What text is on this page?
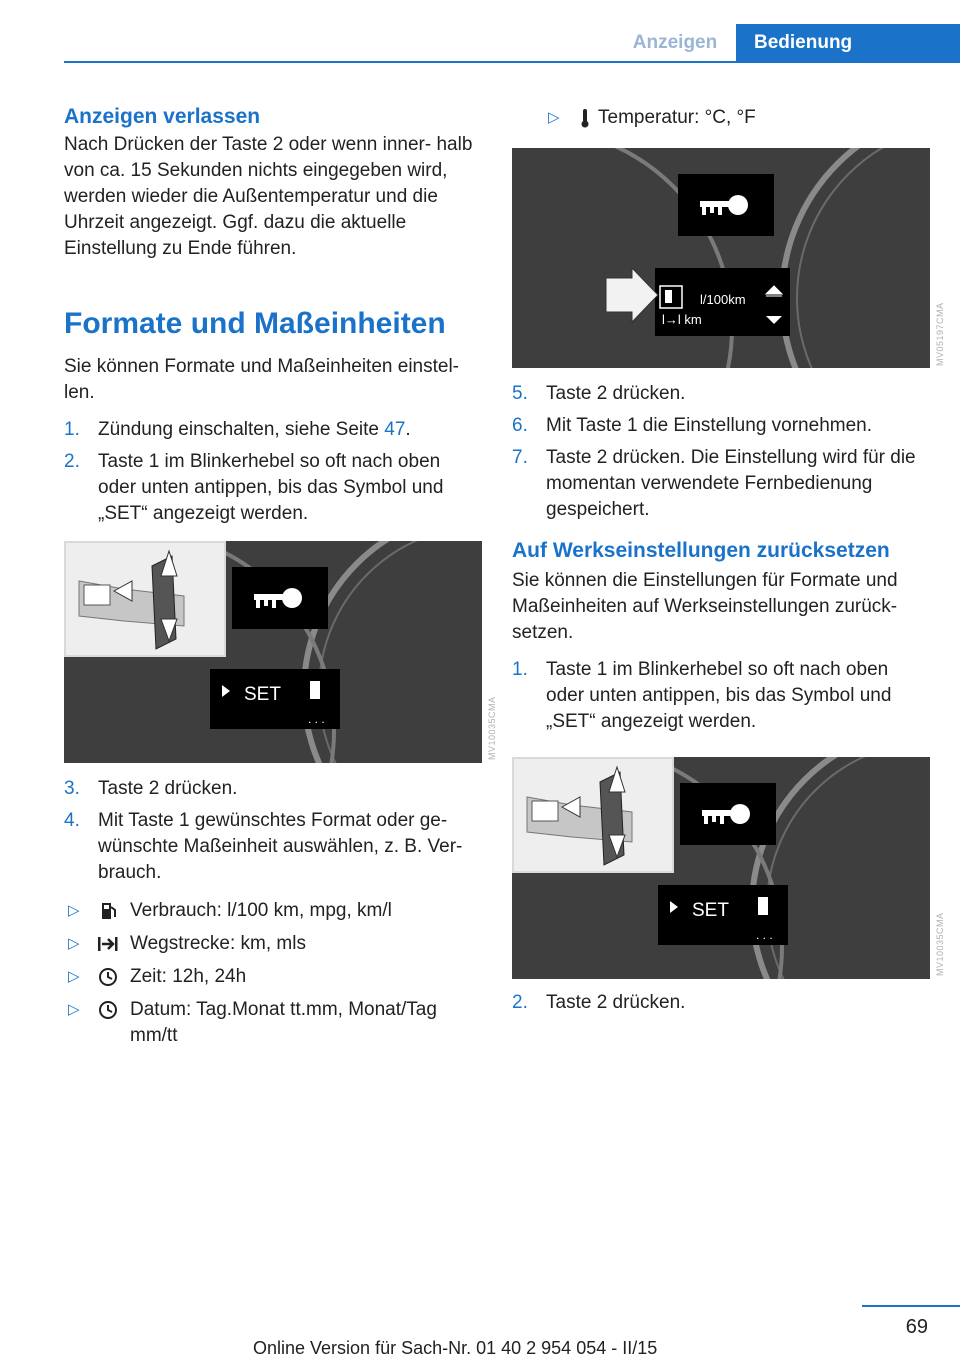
Anzeigen	Bedienung

Anzeigen verlassen

Nach Drücken der Taste 2 oder wenn inner- halb von ca. 15 Sekunden nichts eingegeben wird, werden wieder die Außentemperatur und die Uhrzeit angezeigt. Ggf. dazu die aktuelle Einstellung zu Ende führen.

Formate und Maßeinheiten

Sie können Formate und Maßeinheiten einstel- len.

1. Zündung einschalten, siehe Seite 47.
2. Taste 1 im Blinkerhebel so oft nach oben oder unten antippen, bis das Symbol und „SET“ angezeigt werden.
SET
. . .	MV10035CMA
3. Taste 2 drücken.
4. Mit Taste 1 gewünschtes Format oder ge- wünschte Maßeinheit auswählen, z. B. Ver- brauch.
▷	Verbrauch: l/100 km, mpg, km/l
▷	Wegstrecke: km, mls
▷	Zeit: 12h, 24h
▷	Datum: Tag.Monat tt.mm, Monat/Tag mm/tt
▷ Temperatur: °C, °F
l/100km
l→l km	MV05197CMA
5. Taste 2 drücken.
6. Mit Taste 1 die Einstellung vornehmen.
7. Taste 2 drücken. Die Einstellung wird für die momentan verwendete Fernbedienung gespeichert.

Auf Werkseinstellungen zurücksetzen

Sie können die Einstellungen für Formate und Maßeinheiten auf Werkseinstellungen zurück- setzen.

1. Taste 1 im Blinkerhebel so oft nach oben oder unten antippen, bis das Symbol und „SET“ angezeigt werden.
SET
. . .	MV10035CMA
2. Taste 2 drücken.
69
Online Version für Sach-Nr. 01 40 2 954 054 - II/15
